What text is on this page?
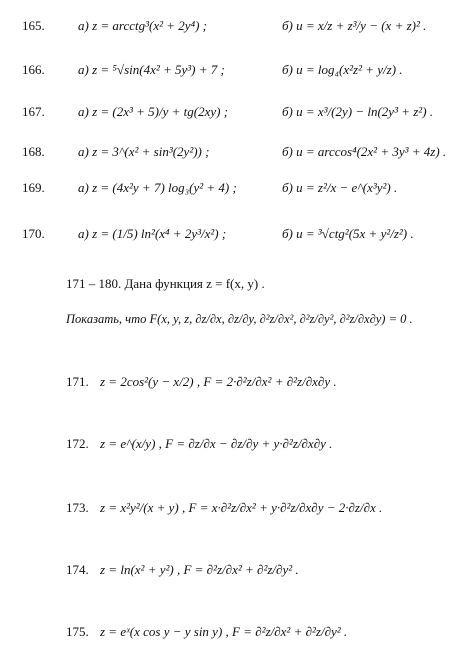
165.	а) z = arcctg³(x² + 2y⁴) ;	б) u = x/z + z³/y − (x + z)² .
166.	а) z = ⁵√sin(4x² + 5y³) + 7 ;	б) u = log₄(x²z² + y/z) .
167.	а) z = (2x³ + 5)/y + tg(2xy) ;	б) u = x³/(2y) − ln(2y³ + z²) .
168.	а) z = 3^(x² + sin³(2y²)) ;	б) u = arccos⁴(2x² + 3y³ + 4z) .
169.	а) z = (4x²y + 7) log₃(y² + 4) ;	б) u = z²/x − e^(x³y²) .
170.	а) z = (1/5) ln²(x⁴ + 2y³/x²) ;	б) u = ³√ctg²(5x + y²/z²) .
171 – 180. Дана функция z = f(x, y) .
Показать, что F(x, y, z, ∂z/∂x, ∂z/∂y, ∂²z/∂x², ∂²z/∂y², ∂²z/∂x∂y) = 0 .
171. z = 2cos²(y − x/2) , F = 2·∂²z/∂x² + ∂²z/∂x∂y .
172. z = e^(x/y) , F = ∂z/∂x − ∂z/∂y + y·∂²z/∂x∂y .
173. z = x²y²/(x + y) , F = x·∂²z/∂x² + y·∂²z/∂x∂y − 2·∂z/∂x .
174. z = ln(x² + y²) , F = ∂²z/∂x² + ∂²z/∂y² .
175. z = eˣ(x cos y − y sin y) , F = ∂²z/∂x² + ∂²z/∂y² .
